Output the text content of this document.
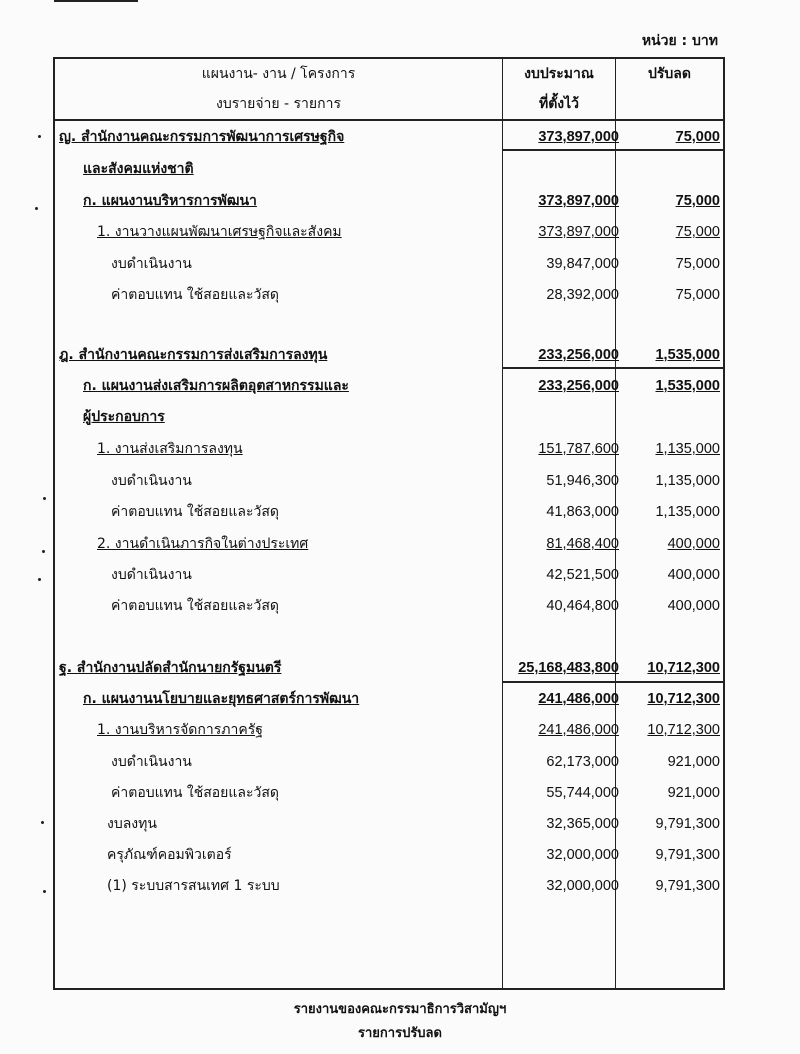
หน่วย : บาท
แผนงาน- งาน / โครงการ
งบรายจ่าย - รายการ
งบประมาณ
ที่ตั้งไว้
ปรับลด
ญ. สำนักงานคณะกรรมการพัฒนาการเศรษฐกิจ	373,897,000	75,000
และสังคมแห่งชาติ
ก. แผนงานบริหารการพัฒนา	373,897,000	75,000
1. งานวางแผนพัฒนาเศรษฐกิจและสังคม	373,897,000	75,000
งบดำเนินงาน	39,847,000	75,000
ค่าตอบแทน ใช้สอยและวัสดุ	28,392,000	75,000
ฎ. สำนักงานคณะกรรมการส่งเสริมการลงทุน	233,256,000	1,535,000
ก. แผนงานส่งเสริมการผลิตอุตสาหกรรมและ	233,256,000	1,535,000
ผู้ประกอบการ
1. งานส่งเสริมการลงทุน	151,787,600	1,135,000
งบดำเนินงาน	51,946,300	1,135,000
ค่าตอบแทน ใช้สอยและวัสดุ	41,863,000	1,135,000
2. งานดำเนินภารกิจในต่างประเทศ	81,468,400	400,000
งบดำเนินงาน	42,521,500	400,000
ค่าตอบแทน ใช้สอยและวัสดุ	40,464,800	400,000
ฐ. สำนักงานปลัดสำนักนายกรัฐมนตรี	25,168,483,800 10,712,300
ก. แผนงานนโยบายและยุทธศาสตร์การพัฒนา	241,486,000 10,712,300
1. งานบริหารจัดการภาครัฐ	241,486,000 10,712,300
งบดำเนินงาน	62,173,000	921,000
ค่าตอบแทน ใช้สอยและวัสดุ	55,744,000	921,000
งบลงทุน	32,365,000	9,791,300
ครุภัณฑ์คอมพิวเตอร์	32,000,000	9,791,300
(1) ระบบสารสนเทศ 1 ระบบ	32,000,000	9,791,300
รายงานของคณะกรรมาธิการวิสามัญฯ
รายการปรับลด
